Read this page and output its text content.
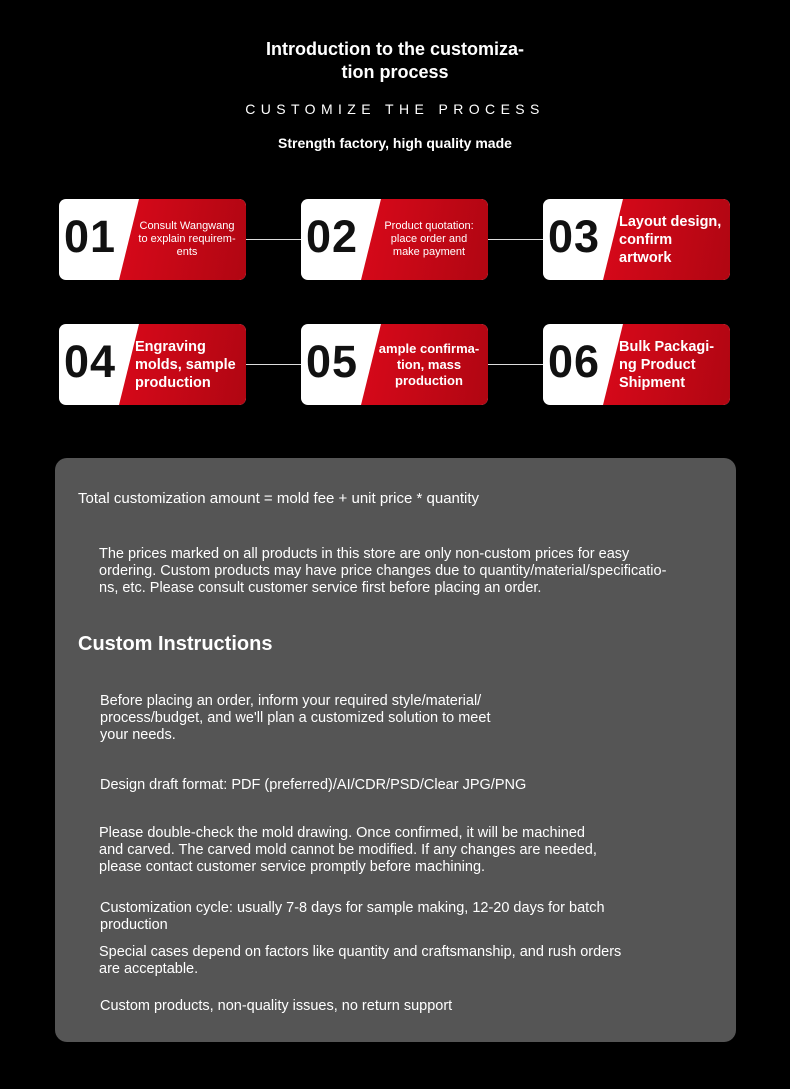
Introduction to the customiza-
tion process
CUSTOMIZE THE PROCESS
Strength factory, high quality made
01	Consult Wangwang
to explain requirem-
ents	02	Product quotation:
place order and
make payment	03 Layout design,
confirm
artwork
04 Engraving
molds, sample
production	05	ample confirma-
tion, mass
production	06 Bulk Packagi-
ng Product
Shipment
Total customization amount = mold fee + unit price * quantity
The prices marked on all products in this store are only non-custom prices for easy
ordering. Custom products may have price changes due to quantity/material/specificatio-
ns, etc. Please consult customer service first before placing an order.
Custom Instructions
Before placing an order, inform your required style/material/
process/budget, and we'll plan a customized solution to meet
your needs.
Design draft format: PDF (preferred)/AI/CDR/PSD/Clear JPG/PNG
Please double-check the mold drawing. Once confirmed, it will be machined
and carved. The carved mold cannot be modified. If any changes are needed,
please contact customer service promptly before machining.
Customization cycle: usually 7-8 days for sample making, 12-20 days for batch
production
Special cases depend on factors like quantity and craftsmanship, and rush orders
are acceptable.
Custom products, non-quality issues, no return support
